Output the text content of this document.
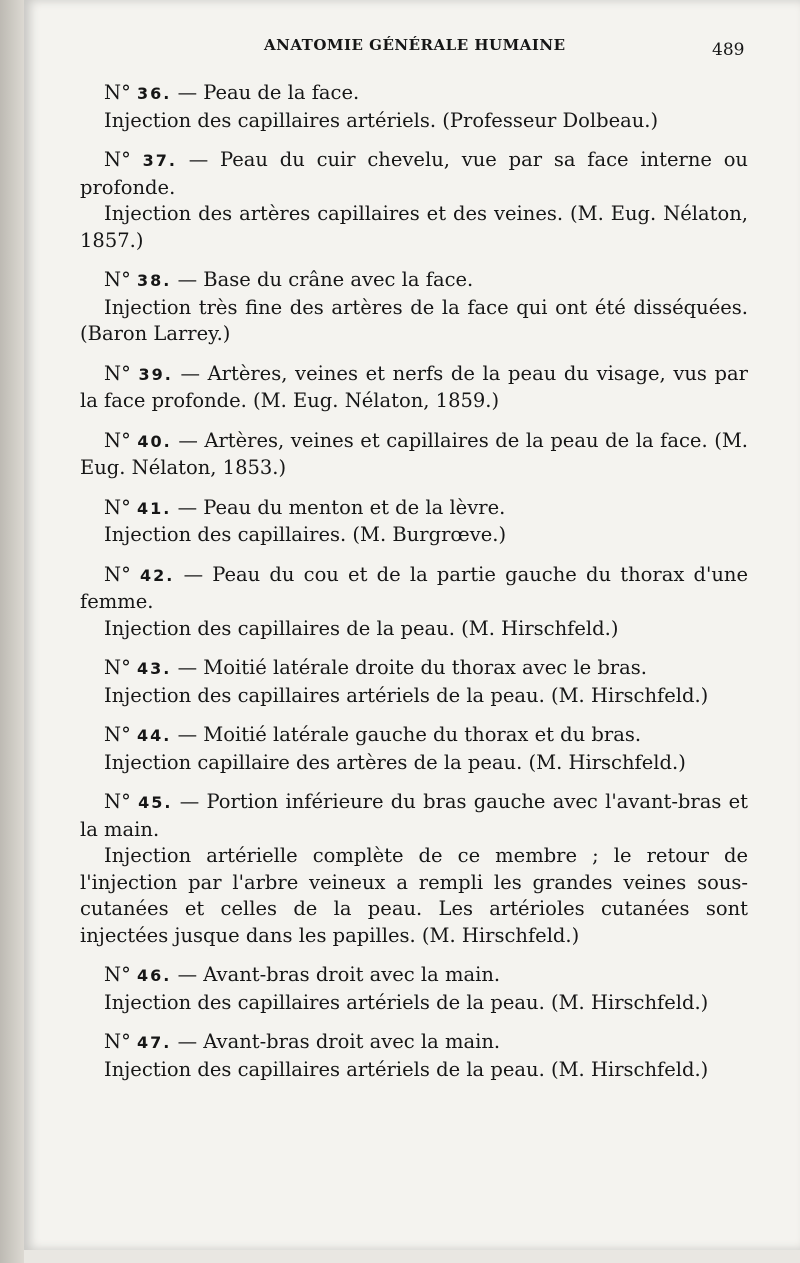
ANATOMIE GÉNÉRALE HUMAINE	489

N° 36. — Peau de la face.

Injection des capillaires artériels. (Professeur Dolbeau.)

N° 37. — Peau du cuir chevelu, vue par sa face interne ou profonde.

Injection des artères capillaires et des veines. (M. Eug. Nélaton, 1857.)

N° 38. — Base du crâne avec la face.

Injection très fine des artères de la face qui ont été disséquées. (Baron Larrey.)

N° 39. — Artères, veines et nerfs de la peau du visage, vus par la face profonde. (M. Eug. Nélaton, 1859.)

N° 40. — Artères, veines et capillaires de la peau de la face. (M. Eug. Nélaton, 1853.)

N° 41. — Peau du menton et de la lèvre.

Injection des capillaires. (M. Burgrœve.)

N° 42. — Peau du cou et de la partie gauche du thorax d'une femme.

Injection des capillaires de la peau. (M. Hirschfeld.)

N° 43. — Moitié latérale droite du thorax avec le bras.

Injection des capillaires artériels de la peau. (M. Hirschfeld.)

N° 44. — Moitié latérale gauche du thorax et du bras.

Injection capillaire des artères de la peau. (M. Hirschfeld.)

N° 45. — Portion inférieure du bras gauche avec l'avant-bras et la main.

Injection artérielle complète de ce membre ; le retour de l'injection par l'arbre veineux a rempli les grandes veines sous-cutanées et celles de la peau. Les artérioles cutanées sont injectées jusque dans les papilles. (M. Hirschfeld.)

N° 46. — Avant-bras droit avec la main.

Injection des capillaires artériels de la peau. (M. Hirschfeld.)

N° 47. — Avant-bras droit avec la main.

Injection des capillaires artériels de la peau. (M. Hirschfeld.)
